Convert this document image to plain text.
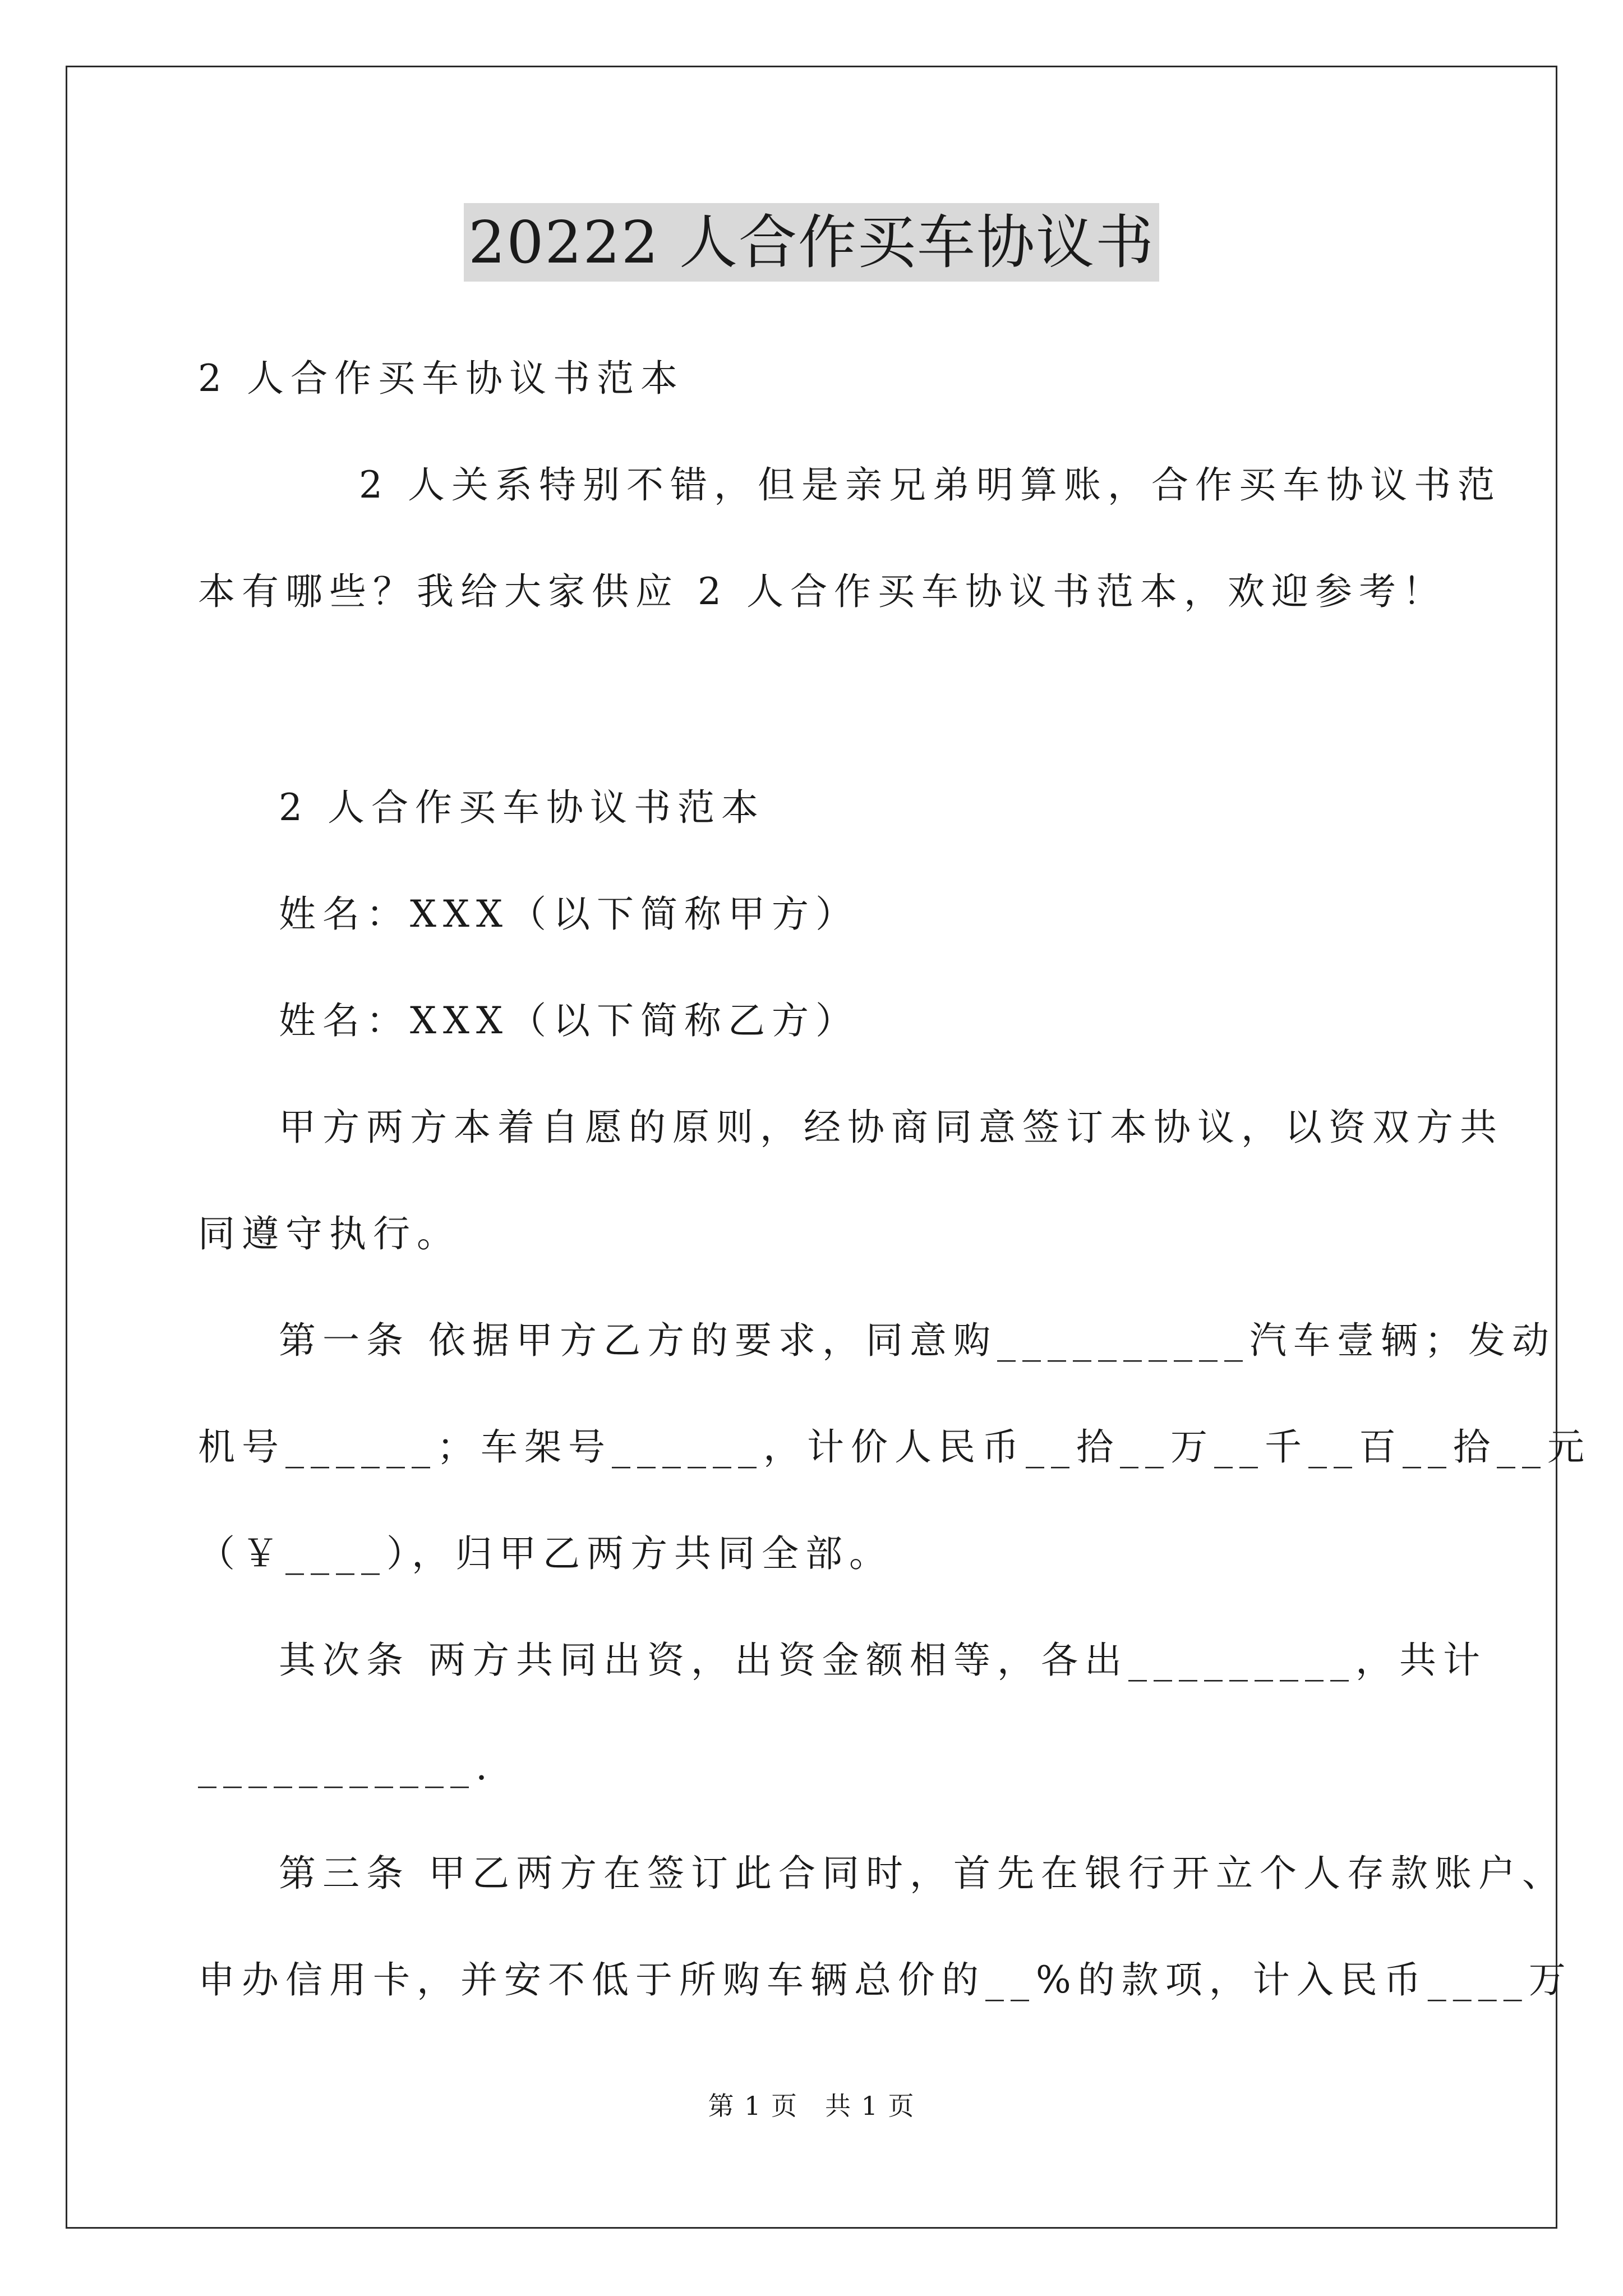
20222 人合作买车协议书
2 人合作买车协议书范本
2 人关系特别不错，但是亲兄弟明算账，合作买车协议书范
本有哪些？我给大家供应 2 人合作买车协议书范本，欢迎参考！
2 人合作买车协议书范本
姓名：XXX（以下简称甲方）
姓名：XXX（以下简称乙方）
甲方两方本着自愿的原则，经协商同意签订本协议，以资双方共
同遵守执行。
第一条 依据甲方乙方的要求，同意购__________汽车壹辆；发动
机号______；车架号______，计价人民币__拾__万__千__百__拾__元
（￥____），归甲乙两方共同全部。
其次条 两方共同出资，出资金额相等，各出_________，共计
___________.
第三条 甲乙两方在签订此合同时，首先在银行开立个人存款账户、
申办信用卡，并安不低于所购车辆总价的__%的款项，计入民币____万
第 1 页　共 1 页
